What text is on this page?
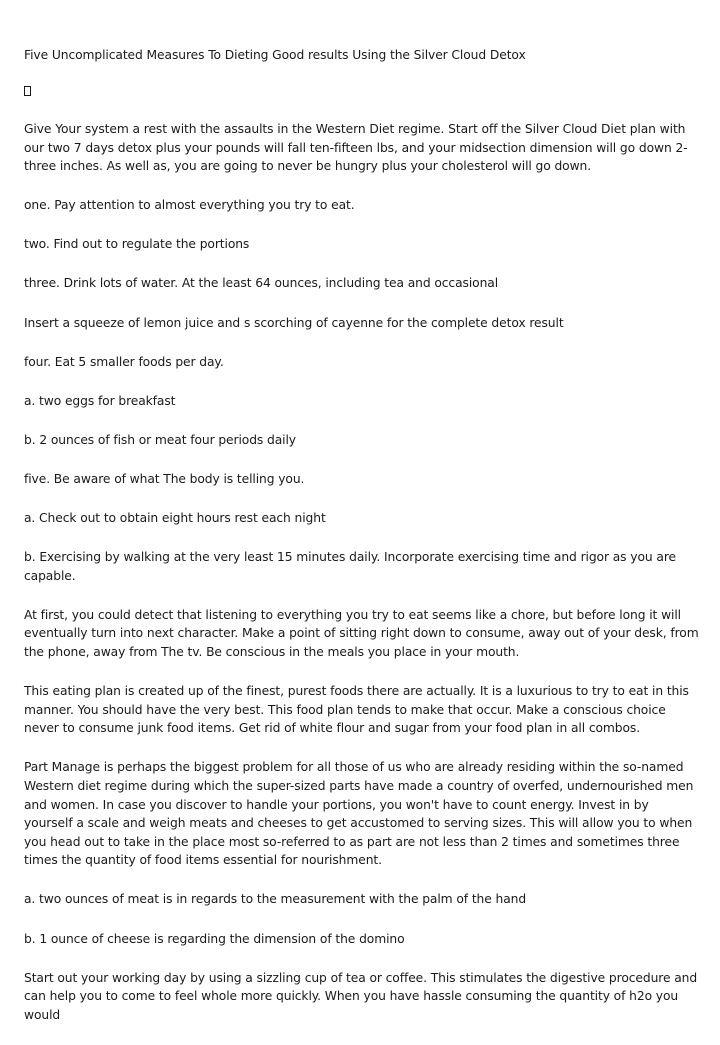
Five Uncomplicated Measures To Dieting Good results Using the Silver Cloud Detox

Give Your system a rest with the assaults in the Western Diet regime. Start off the Silver Cloud Diet plan with our two 7 days detox plus your pounds will fall ten-fifteen lbs, and your midsection dimension will go down 2-three inches. As well as, you are going to never be hungry plus your cholesterol will go down.

one. Pay attention to almost everything you try to eat.

two. Find out to regulate the portions

three. Drink lots of water. At the least 64 ounces, including tea and occasional

Insert a squeeze of lemon juice and s scorching of cayenne for the complete detox result

four. Eat 5 smaller foods per day.

a. two eggs for breakfast

b. 2 ounces of fish or meat four periods daily

five. Be aware of what The body is telling you.

a. Check out to obtain eight hours rest each night

b. Exercising by walking at the very least 15 minutes daily. Incorporate exercising time and rigor as you are capable.

At first, you could detect that listening to everything you try to eat seems like a chore, but before long it will eventually turn into next character. Make a point of sitting right down to consume, away out of your desk, from the phone, away from The tv. Be conscious in the meals you place in your mouth.

This eating plan is created up of the finest, purest foods there are actually. It is a luxurious to try to eat in this manner. You should have the very best. This food plan tends to make that occur. Make a conscious choice never to consume junk food items. Get rid of white flour and sugar from your food plan in all combos.

Part Manage is perhaps the biggest problem for all those of us who are already residing within the so-named Western diet regime during which the super-sized parts have made a country of overfed, undernourished men and women. In case you discover to handle your portions, you won't have to count energy. Invest in by yourself a scale and weigh meats and cheeses to get accustomed to serving sizes. This will allow you to when you head out to take in the place most so-referred to as part are not less than 2 times and sometimes three times the quantity of food items essential for nourishment.

a. two ounces of meat is in regards to the measurement with the palm of the hand

b. 1 ounce of cheese is regarding the dimension of the domino

Start out your working day by using a sizzling cup of tea or coffee. This stimulates the digestive procedure and can help you to come to feel whole more quickly. When you have hassle consuming the quantity of h2o you would
